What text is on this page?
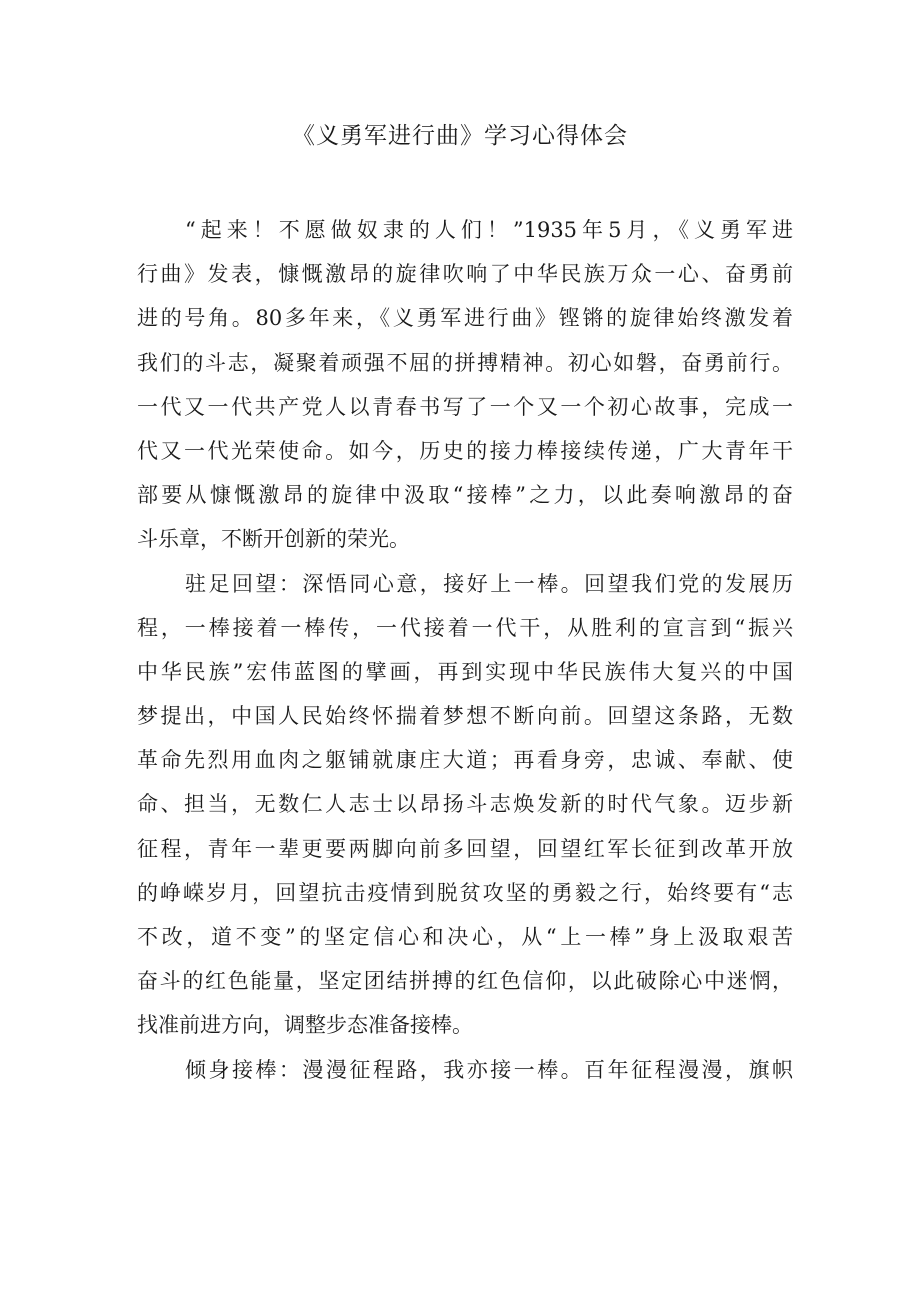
《义勇军进行曲》学习心得体会
“起来！不愿做奴隶的人们！”1935年5月，《义勇军进
行曲》发表，慷慨激昂的旋律吹响了中华民族万众一心、奋勇前
进的号角。80多年来，《义勇军进行曲》铿锵的旋律始终激发着
我们的斗志，凝聚着顽强不屈的拼搏精神。初心如磐，奋勇前行。
一代又一代共产党人以青春书写了一个又一个初心故事，完成一
代又一代光荣使命。如今，历史的接力棒接续传递，广大青年干
部要从慷慨激昂的旋律中汲取“接棒”之力，以此奏响激昂的奋
斗乐章，不断开创新的荣光。
驻足回望：深悟同心意，接好上一棒。回望我们党的发展历
程，一棒接着一棒传，一代接着一代干，从胜利的宣言到“振兴
中华民族”宏伟蓝图的擘画，再到实现中华民族伟大复兴的中国
梦提出，中国人民始终怀揣着梦想不断向前。回望这条路，无数
革命先烈用血肉之躯铺就康庄大道；再看身旁，忠诚、奉献、使
命、担当，无数仁人志士以昂扬斗志焕发新的时代气象。迈步新
征程，青年一辈更要两脚向前多回望，回望红军长征到改革开放
的峥嵘岁月，回望抗击疫情到脱贫攻坚的勇毅之行，始终要有“志
不改，道不变”的坚定信心和决心，从“上一棒”身上汲取艰苦
奋斗的红色能量，坚定团结拼搏的红色信仰，以此破除心中迷惘，
找准前进方向，调整步态准备接棒。
倾身接棒：漫漫征程路，我亦接一棒。百年征程漫漫，旗帜
